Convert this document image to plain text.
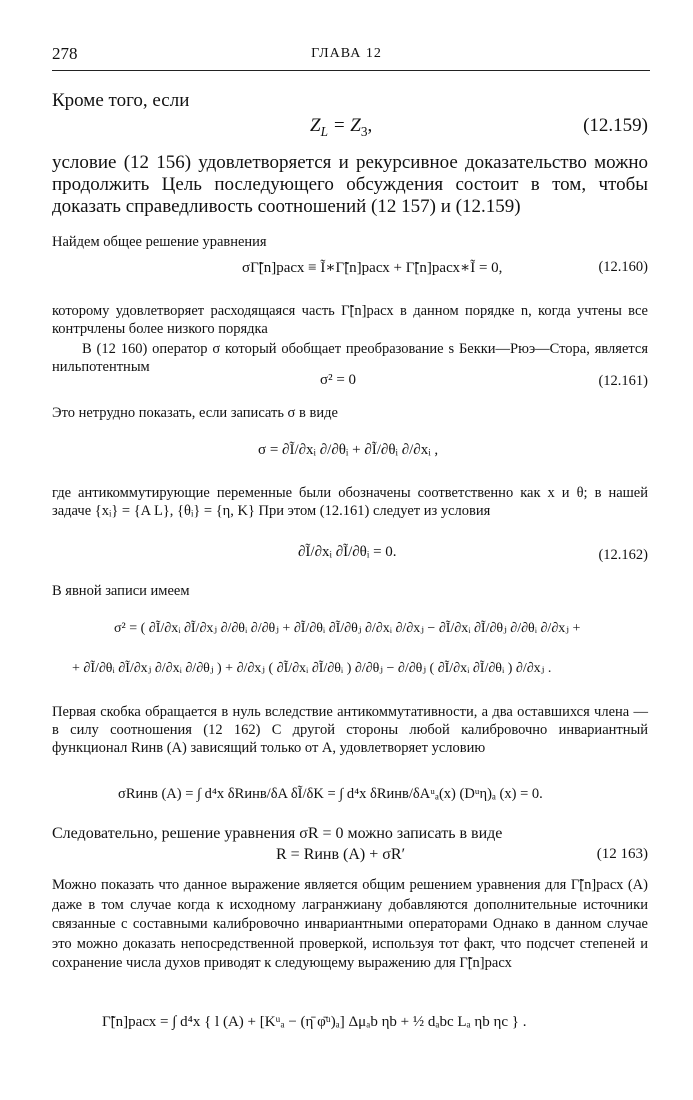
278	ГЛАВА 12
Кроме того, если
$Z_L = Z_3$,	(12.159)
условие (12 156) удовлетворяется и рекурсивное доказательство можно продолжить Цель последующего обсуждения состоит в том, чтобы доказать справедливость соотношений (12 157) и (12.159)
Найдем общее решение уравнения
σΓ̃[n]расх ≡ Ĩ∗Γ̃[n]расх + Γ̃[n]расх∗Ĩ = 0,	(12.160)
которому удовлетворяет расходящаяся часть Γ̃[n]расх в данном порядке n, когда учтены все контрчлены более низкого порядка
В (12 160) оператор σ который обобщает преобразование s Бекки—Рюэ—Стора, является нильпотентным
σ² = 0	(12.161)
Это нетрудно показать, если записать σ в виде
σ = ∂Ĩ/∂xᵢ ∂/∂θᵢ + ∂Ĩ/∂θᵢ ∂/∂xᵢ ,
где антикоммутирующие переменные были обозначены соответственно как x и θ; в нашей задаче {xᵢ} = {A L}, {θᵢ} = {η, K} При этом (12.161) следует из условия
∂Ĩ/∂xᵢ ∂Ĩ/∂θᵢ = 0.	(12.162)
В явной записи имеем
σ² = ( ∂Ĩ/∂xᵢ ∂Ĩ/∂xⱼ ∂/∂θᵢ ∂/∂θⱼ + ∂Ĩ/∂θᵢ ∂Ĩ/∂θⱼ ∂/∂xᵢ ∂/∂xⱼ − ∂Ĩ/∂xᵢ ∂Ĩ/∂θⱼ ∂/∂θᵢ ∂/∂xⱼ +
+ ∂Ĩ/∂θᵢ ∂Ĩ/∂xⱼ ∂/∂xᵢ ∂/∂θⱼ ) + ∂/∂xⱼ ( ∂Ĩ/∂xᵢ ∂Ĩ/∂θᵢ ) ∂/∂θⱼ − ∂/∂θⱼ ( ∂Ĩ/∂xᵢ ∂Ĩ/∂θᵢ ) ∂/∂xⱼ .
Первая скобка обращается в нуль вследствие антикоммутативности, а два оставшихся члена — в силу соотношения (12 162) С другой стороны любой калибровочно инвариантный функционал Rинв (A) зависящий только от A, удовлетворяет условию
σRинв (A) = ∫ d⁴x δRинв/δA δĨ/δK = ∫ d⁴x δRинв/δAᵘₐ(x) (Dᵘη)ₐ (x) = 0.
Следовательно, решение уравнения σR = 0 можно записать в виде
R = Rинв (A) + σR′	(12 163)
Можно показать что данное выражение является общим решением уравнения для Γ̃[n]расх (A) даже в том случае когда к исходному лагранжиану добавляются дополнительные источники связанные с составными калибровочно инвариантными операторами Однако в данном случае это можно доказать непосредственной проверкой, используя тот факт, что подсчет степеней и сохранение числа духов приводят к следующему выражению для Γ̃[n]расх
Γ̃[n]расх = ∫ d⁴x { l (A) + [Kᵘₐ − (η̄ φ̄ᵘ)ₐ] Δμₐb ηb + ½ dₐbc Lₐ ηb ηc } .
